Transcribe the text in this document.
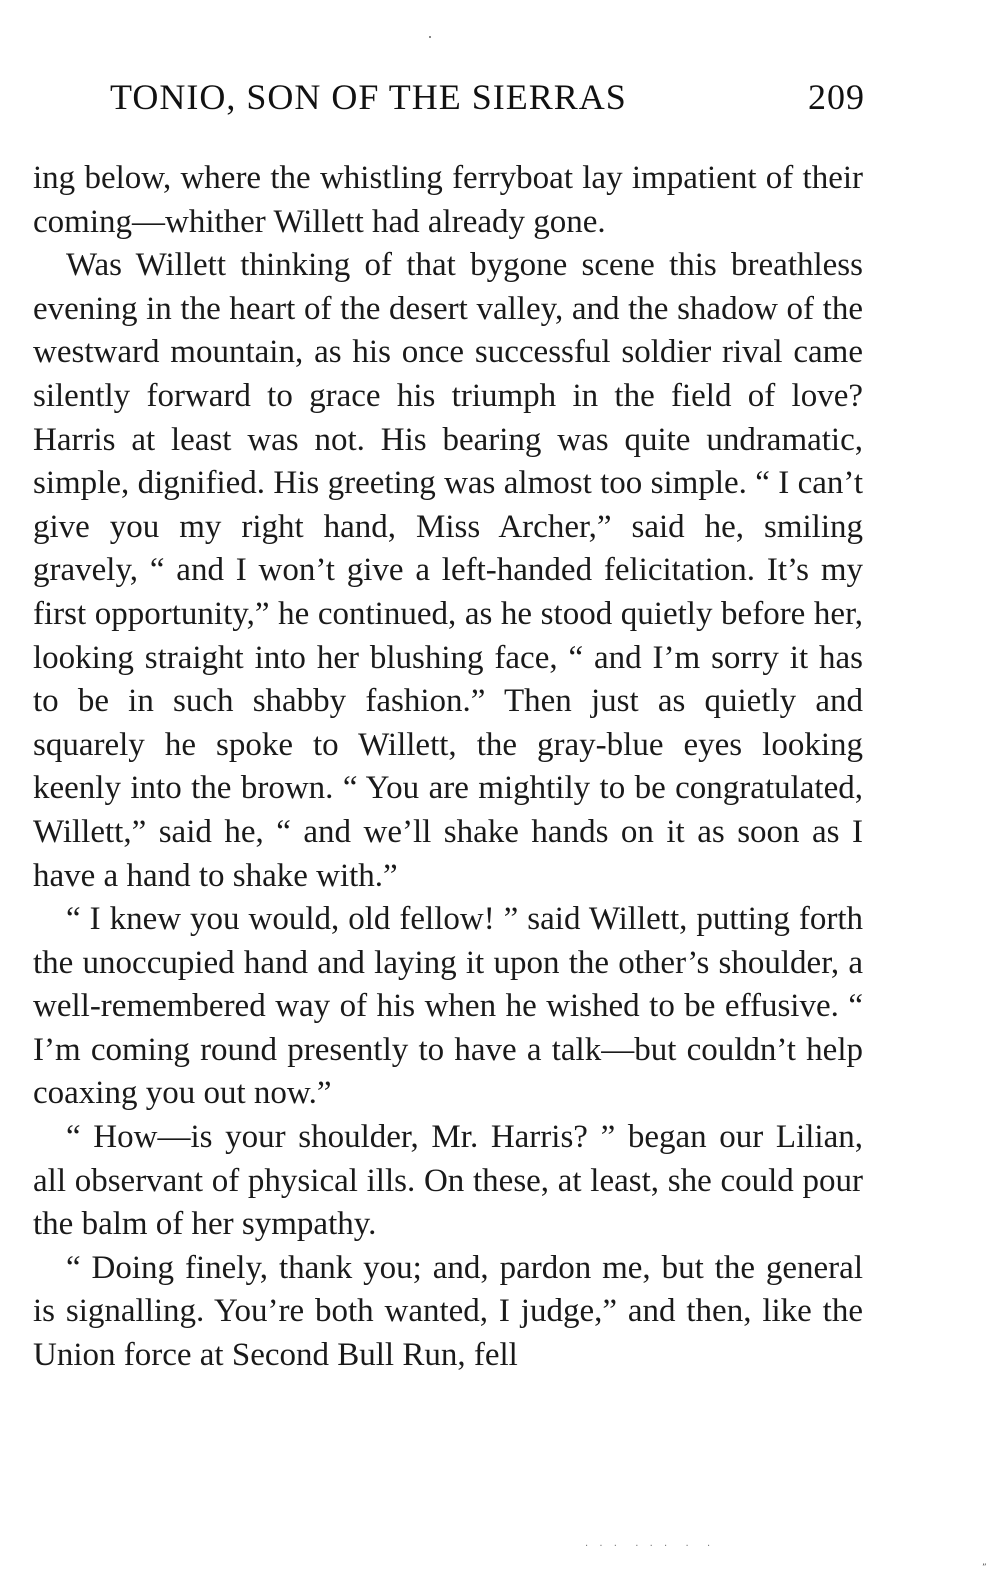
TONIO, SON OF THE SIERRAS	209

ing below, where the whistling ferryboat lay impatient of their coming—whither Willett had already gone.

Was Willett thinking of that bygone scene this breathless evening in the heart of the desert valley, and the shadow of the westward mountain, as his once successful soldier rival came silently forward to grace his triumph in the field of love? Harris at least was not. His bearing was quite undramatic, simple, dignified. His greeting was almost too simple. “ I can’t give you my right hand, Miss Archer,” said he, smiling gravely, “ and I won’t give a left-handed felicitation. It’s my first opportunity,” he continued, as he stood quietly before her, looking straight into her blushing face, “ and I’m sorry it has to be in such shabby fashion.” Then just as quietly and squarely he spoke to Willett, the gray-blue eyes looking keenly into the brown. “ You are mightily to be congratulated, Willett,” said he, “ and we’ll shake hands on it as soon as I have a hand to shake with.”

“ I knew you would, old fellow! ” said Willett, putting forth the unoccupied hand and laying it upon the other’s shoulder, a well-remembered way of his when he wished to be effusive. “ I’m coming round presently to have a talk—but couldn’t help coaxing you out now.”

“ How—is your shoulder, Mr. Harris? ” began our Lilian, all observant of physical ills. On these, at least, she could pour the balm of her sympathy.

“ Doing finely, thank you; and, pardon me, but the general is signalling. You’re both wanted, I judge,” and then, like the Union force at Second Bull Run, fell

· · ·  · · ·  ·  ·
”
